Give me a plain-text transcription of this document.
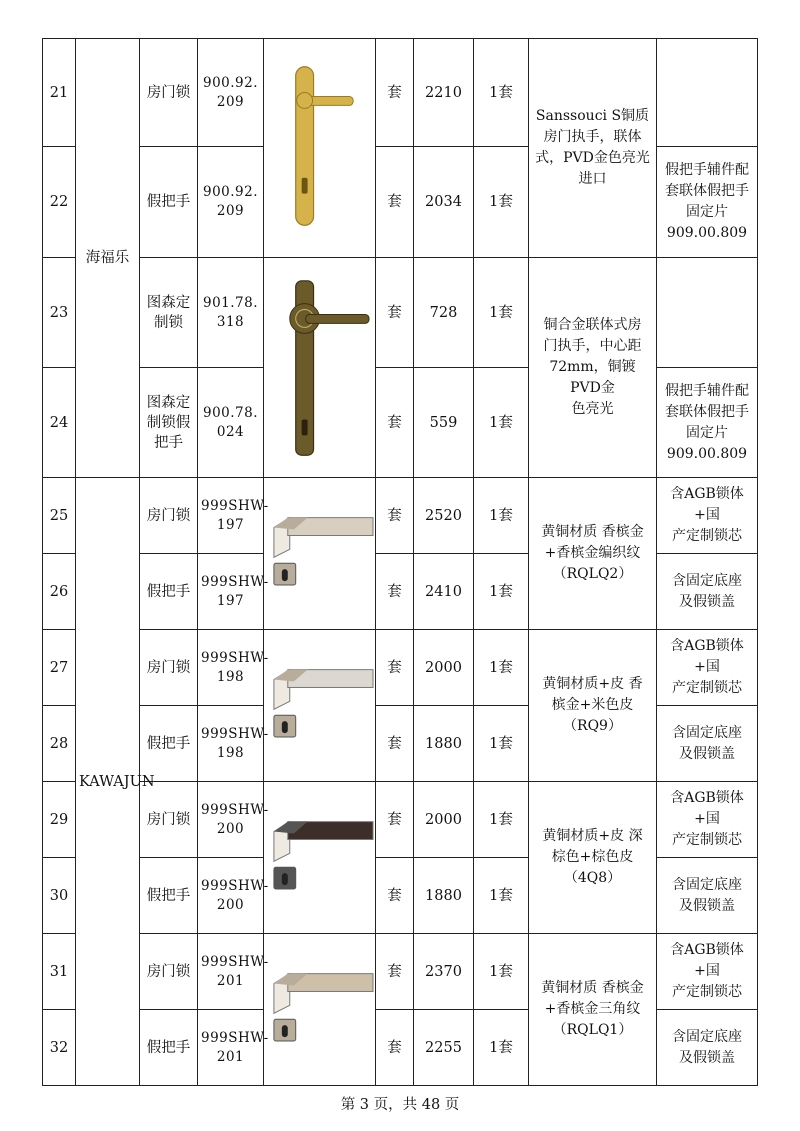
21	海福乐	房门锁	900.92.
209		套	2210	1套	Sanssouci S铜质
房门执手，联体
式，PVD金色亮光
进口	
22		假把手	900.92.
209		套	2034	1套		假把手辅件配
套联体假把手
固定片
909.00.809
23		图森定
制锁	901.78.
318		套	728	1套	铜合金联体式房
门执手，中心距
72mm，铜镀PVD金
色亮光	
24		图森定
制锁假
把手	900.78.
024		套	559	1套		假把手辅件配
套联体假把手
固定片
909.00.809
25	KAWAJUN	房门锁	999SHW-
197		套	2520	1套	黄铜材质 香槟金
+香槟金编织纹
（RQLQ2）	含AGB锁体+国
产定制锁芯
26		假把手	999SHW-
197		套	2410	1套		含固定底座
及假锁盖
27		房门锁	999SHW-
198		套	2000	1套	黄铜材质+皮 香
槟金+米色皮
（RQ9）	含AGB锁体+国
产定制锁芯
28		假把手	999SHW-
198		套	1880	1套		含固定底座
及假锁盖
29		房门锁	999SHW-
200		套	2000	1套	黄铜材质+皮 深
棕色+棕色皮
（4Q8）	含AGB锁体+国
产定制锁芯
30		假把手	999SHW-
200		套	1880	1套		含固定底座
及假锁盖
31		房门锁	999SHW-
201		套	2370	1套	黄铜材质 香槟金
+香槟金三角纹
（RQLQ1）	含AGB锁体+国
产定制锁芯
32		假把手	999SHW-
201		套	2255	1套		含固定底座
及假锁盖
第 3 页，共 48 页
